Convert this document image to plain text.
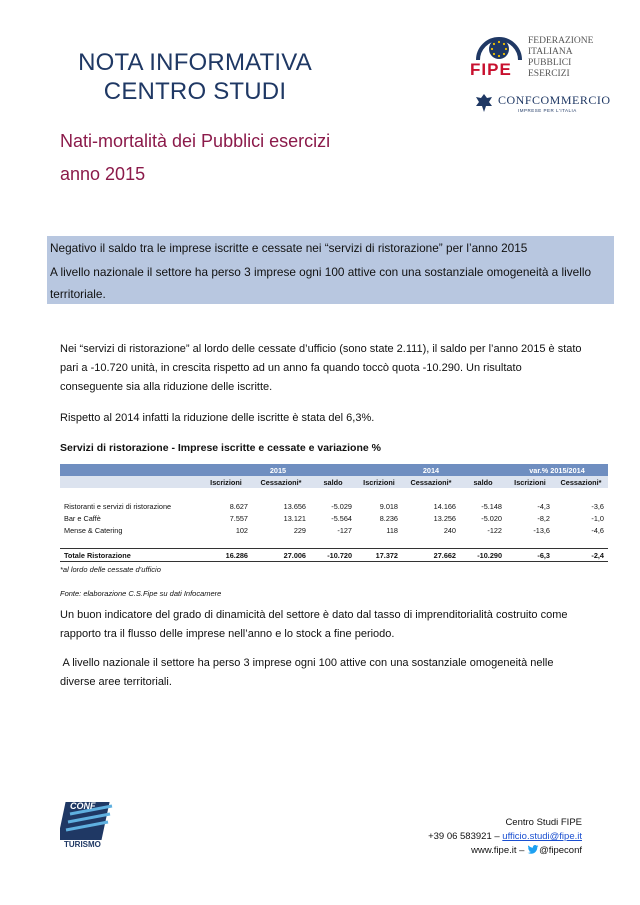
NOTA INFORMATIVA
CENTRO STUDI
FIPE
FEDERAZIONE
ITALIANA
PUBBLICI
ESERCIZI
CONFCOMMERCIO
IMPRESE PER L'ITALIA
Nati-mortalità dei Pubblici esercizi
anno 2015
Negativo il saldo tra le imprese iscritte e cessate nei “servizi di ristorazione” per l’anno 2015
A livello nazionale il settore ha perso 3 imprese ogni 100 attive con una sostanziale omogeneità a livello
territoriale.
Nei “servizi di ristorazione” al lordo delle cessate d’ufficio (sono state 2.111), il saldo per l’anno 2015 è stato
pari a -10.720 unità, in crescita rispetto ad un anno fa quando toccò quota -10.290. Un risultato
conseguente sia alla riduzione delle iscritte.
Rispetto al 2014 infatti la riduzione delle iscritte è stata del 6,3%.
Servizi di ristorazione - Imprese iscritte e cessate e variazione %
	2015			2014			var.% 2015/2014	
	Iscrizioni	Cessazioni*	saldo	Iscrizioni	Cessazioni*	saldo	Iscrizioni	Cessazioni*

Ristoranti e servizi di ristorazione	8.627	13.656	-5.029	9.018	14.166	-5.148	-4,3	-3,6
Bar e Caffè	7.557	13.121	-5.564	8.236	13.256	-5.020	-8,2	-1,0
Mense & Catering	102	229	-127	118	240	-122	-13,6	-4,6

Totale Ristorazione	16.286	27.006	-10.720	17.372	27.662	-10.290	-6,3	-2,4
*al lordo delle cessate d’ufficio
Fonte: elaborazione C.S.Fipe su dati Infocamere
Un buon indicatore del grado di dinamicità del settore è dato dal tasso di imprenditorialità costruito come
rapporto tra il flusso delle imprese nell’anno e lo stock a fine periodo.
A livello nazionale il settore ha perso 3 imprese ogni 100 attive con una sostanziale omogeneità nelle
diverse aree territoriali.
CONF
TURISMO
Centro Studi FIPE
+39 06 583921 – ufficio.studi@fipe.it
www.fipe.it – @fipeconf
